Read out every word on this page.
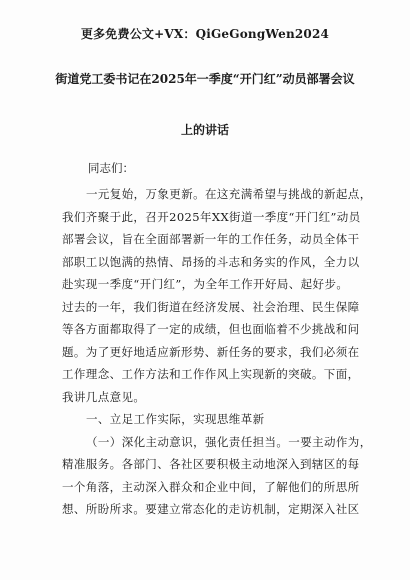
更多免费公文+VX：QiGeGongWen2024
街道党工委书记在2025年一季度“开门红”动员部署会议
上的讲话
同志们：
一元复始，万象更新。在这充满希望与挑战的新起点，
我们齐聚于此，召开2025年XX街道一季度“开门红”动员
部署会议，旨在全面部署新一年的工作任务，动员全体干
部职工以饱满的热情、昂扬的斗志和务实的作风，全力以
赴实现一季度“开门红”，为全年工作开好局、起好步。
过去的一年，我们街道在经济发展、社会治理、民生保障
等各方面都取得了一定的成绩，但也面临着不少挑战和问
题。为了更好地适应新形势、新任务的要求，我们必须在
工作理念、工作方法和工作作风上实现新的突破。下面，
我讲几点意见。
一、立足工作实际，实现思维革新
（一）深化主动意识，强化责任担当。一要主动作为，
精准服务。各部门、各社区要积极主动地深入到辖区的每
一个角落，主动深入群众和企业中间，了解他们的所思所
想、所盼所求。要建立常态化的走访机制，定期深入社区
